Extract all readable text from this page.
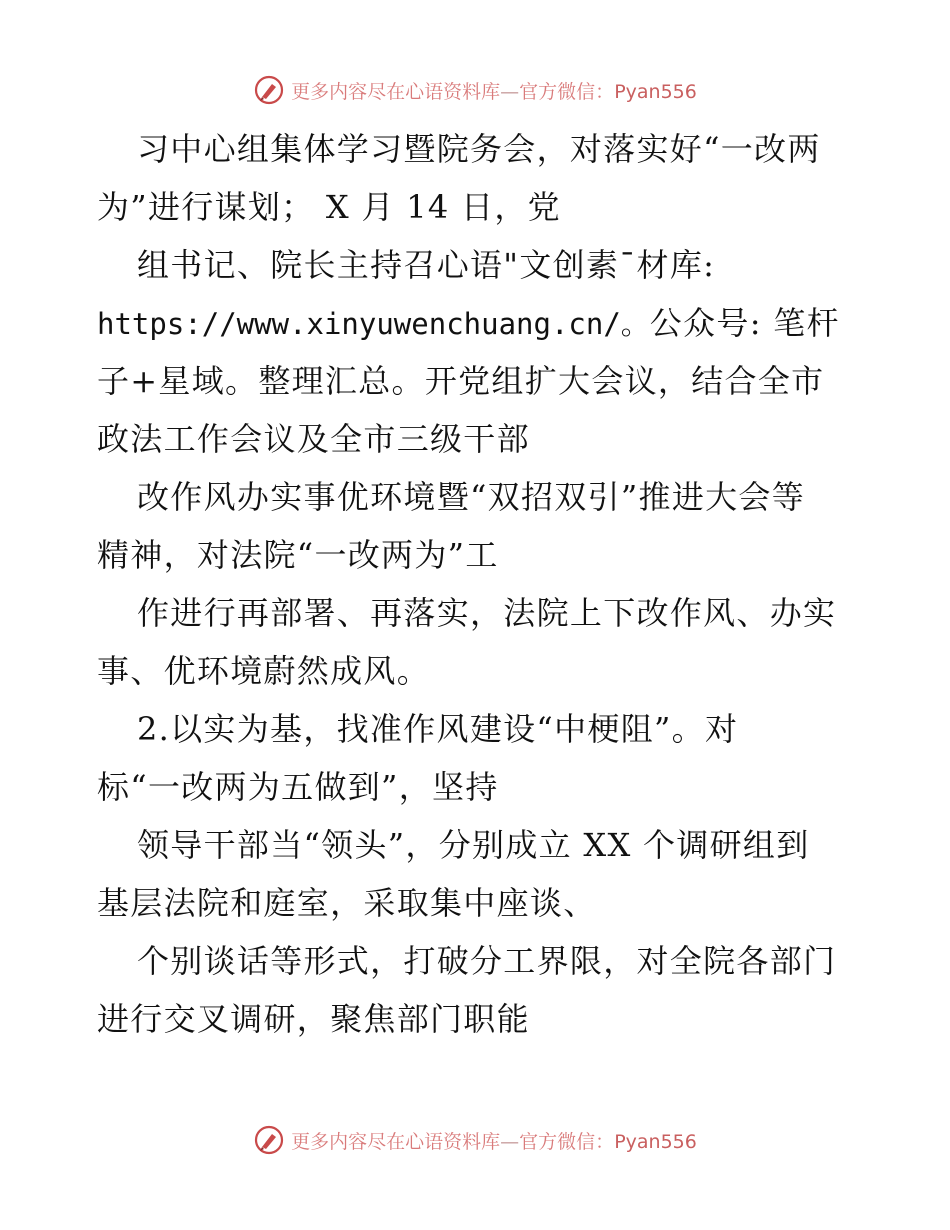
更多内容尽在心语资料库—官方微信：Pyan556
习中心组集体学习暨院务会，对落实好“一改两
为”进行谋划； X 月 14 日，党
组书记、院长主持召心语"文创素¯材库:
https://www.xinyuwenchuang.cn/。公众号: 笔杆
子+星域。整理汇总。开党组扩大会议，结合全市
政法工作会议及全市三级干部
改作风办实事优环境暨“双招双引”推进大会等
精神，对法院“一改两为”工
作进行再部署、再落实，法院上下改作风、办实
事、优环境蔚然成风。
2.以实为基，找准作风建设“中梗阻”。对
标“一改两为五做到”，坚持
领导干部当“领头”，分别成立 XX 个调研组到
基层法院和庭室，采取集中座谈、
个别谈话等形式，打破分工界限，对全院各部门
进行交叉调研，聚焦部门职能
更多内容尽在心语资料库—官方微信：Pyan556
